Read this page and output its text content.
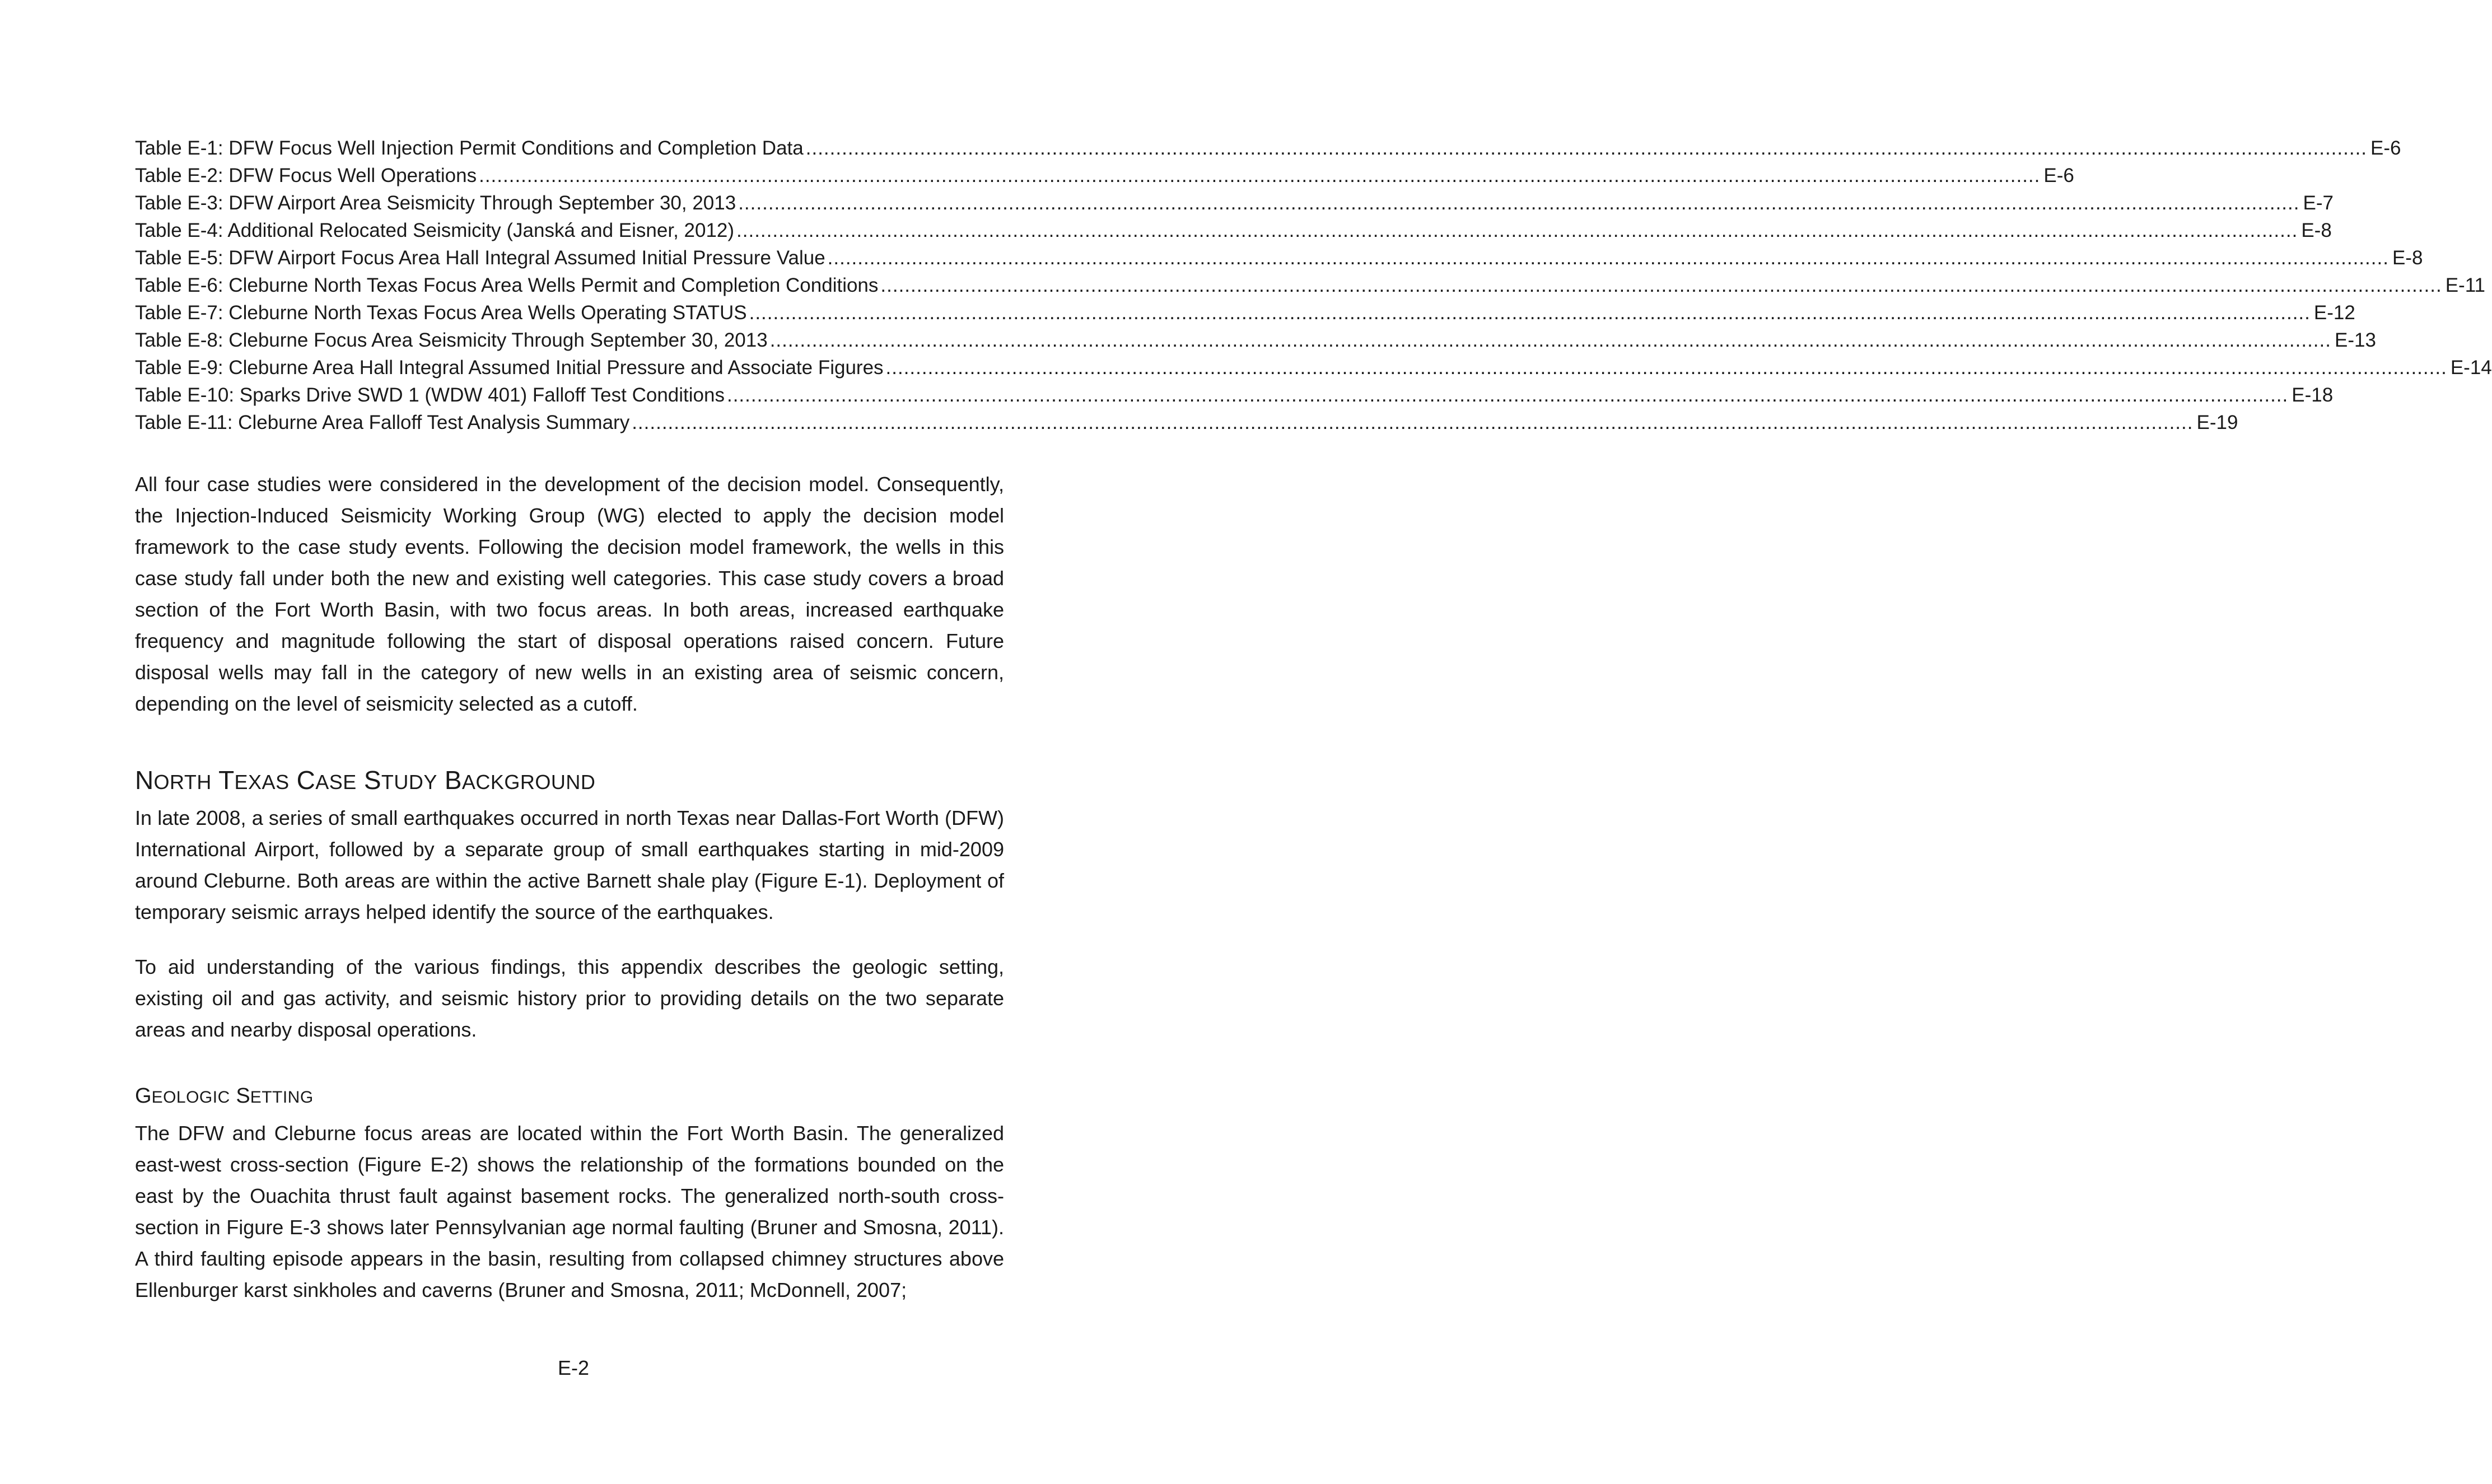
Table E-1: DFW Focus Well Injection Permit Conditions and Completion Data .................................................................................................................................................................................................................................................................... E-6
Table E-2: DFW Focus Well Operations .................................................................................................................................................................................................................................................................... E-6
Table E-3: DFW Airport Area Seismicity Through September 30, 2013 .................................................................................................................................................................................................................................................................... E-7
Table E-4: Additional Relocated Seismicity (Janská and Eisner, 2012) .................................................................................................................................................................................................................................................................... E-8
Table E-5: DFW Airport Focus Area Hall Integral Assumed Initial Pressure Value .................................................................................................................................................................................................................................................................... E-8
Table E-6: Cleburne North Texas Focus Area Wells Permit and Completion Conditions .................................................................................................................................................................................................................................................................... E-11
Table E-7: Cleburne North Texas Focus Area Wells Operating STATUS .................................................................................................................................................................................................................................................................... E-12
Table E-8: Cleburne Focus Area Seismicity Through September 30, 2013 .................................................................................................................................................................................................................................................................... E-13
Table E-9: Cleburne Area Hall Integral Assumed Initial Pressure and Associate Figures .................................................................................................................................................................................................................................................................... E-14
Table E-10: Sparks Drive SWD 1 (WDW 401) Falloff Test Conditions .................................................................................................................................................................................................................................................................... E-18
Table E-11: Cleburne Area Falloff Test Analysis Summary .................................................................................................................................................................................................................................................................... E-19

All four case studies were considered in the development of the decision model. Consequently, the Injection-Induced Seismicity Working Group (WG) elected to apply the decision model framework to the case study events. Following the decision model framework, the wells in this case study fall under both the new and existing well categories. This case study covers a broad section of the Fort Worth Basin, with two focus areas. In both areas, increased earthquake frequency and magnitude following the start of disposal operations raised concern. Future disposal wells may fall in the category of new wells in an existing area of seismic concern, depending on the level of seismicity selected as a cutoff.

NORTH TEXAS CASE STUDY BACKGROUND

In late 2008, a series of small earthquakes occurred in north Texas near Dallas-Fort Worth (DFW) International Airport, followed by a separate group of small earthquakes starting in mid-2009 around Cleburne. Both areas are within the active Barnett shale play (Figure E-1). Deployment of temporary seismic arrays helped identify the source of the earthquakes.

To aid understanding of the various findings, this appendix describes the geologic setting, existing oil and gas activity, and seismic history prior to providing details on the two separate areas and nearby disposal operations.

GEOLOGIC SETTING

The DFW and Cleburne focus areas are located within the Fort Worth Basin. The generalized east-west cross-section (Figure E-2) shows the relationship of the formations bounded on the east by the Ouachita thrust fault against basement rocks. The generalized north-south cross-section in Figure E-3 shows later Pennsylvanian age normal faulting (Bruner and Smosna, 2011). A third faulting episode appears in the basin, resulting from collapsed chimney structures above Ellenburger karst sinkholes and caverns (Bruner and Smosna, 2011; McDonnell, 2007;

E-2
